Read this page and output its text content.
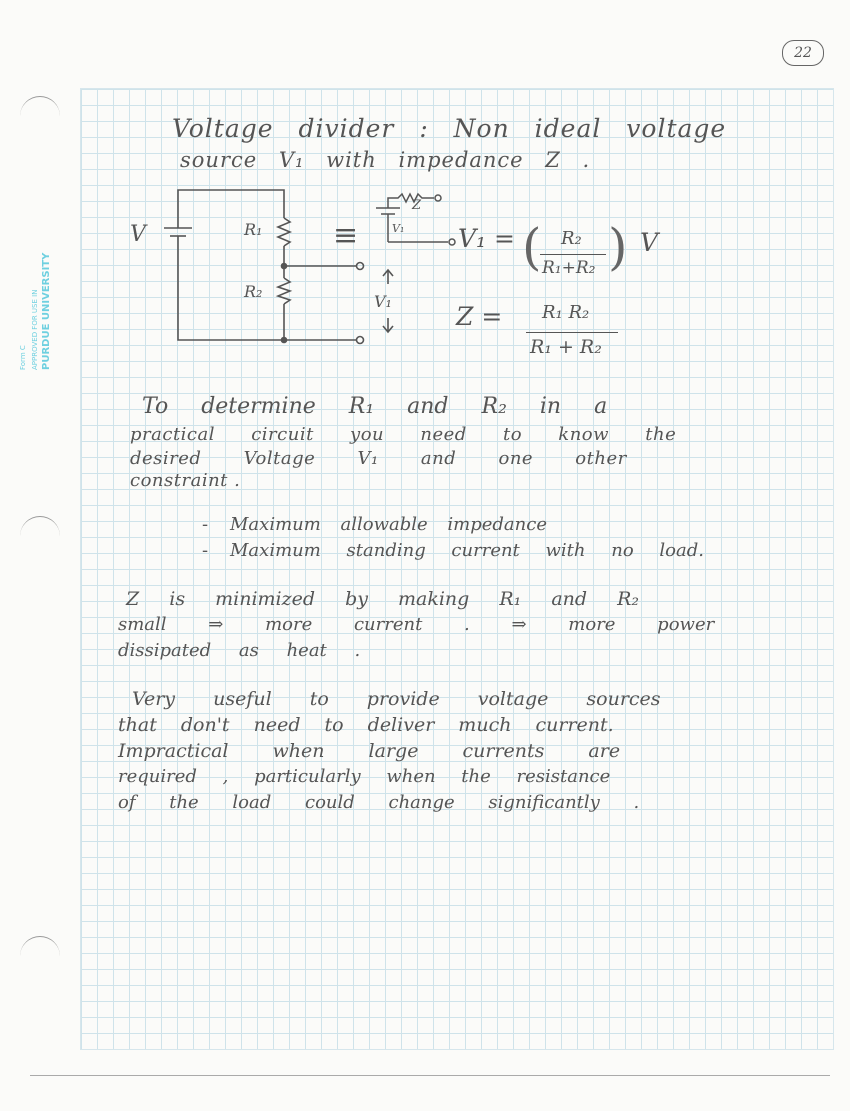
Form C APPROVED FOR USE IN PURDUE UNIVERSITY
22
Voltage divider : Non ideal voltage
source V₁ with impedance Z .
V	R₁
R₂
V₁
≡
Z
V₁ V₁ = ( R₂
R₁+R₂ ) V
Z = R₁ R₂
R₁ + R₂
To determine R₁ and R₂ in a
practical circuit you need to know the
desired Voltage V₁ and one other
constraint .
- Maximum allowable impedance
- Maximum standing current with no load.
Z is minimized by making R₁ and R₂
small ⇒ more current . ⇒ more power
dissipated as heat .
Very useful to provide voltage sources
that don't need to deliver much current.
Impractical when large currents are
required , particularly when the resistance
of the load could change significantly .
